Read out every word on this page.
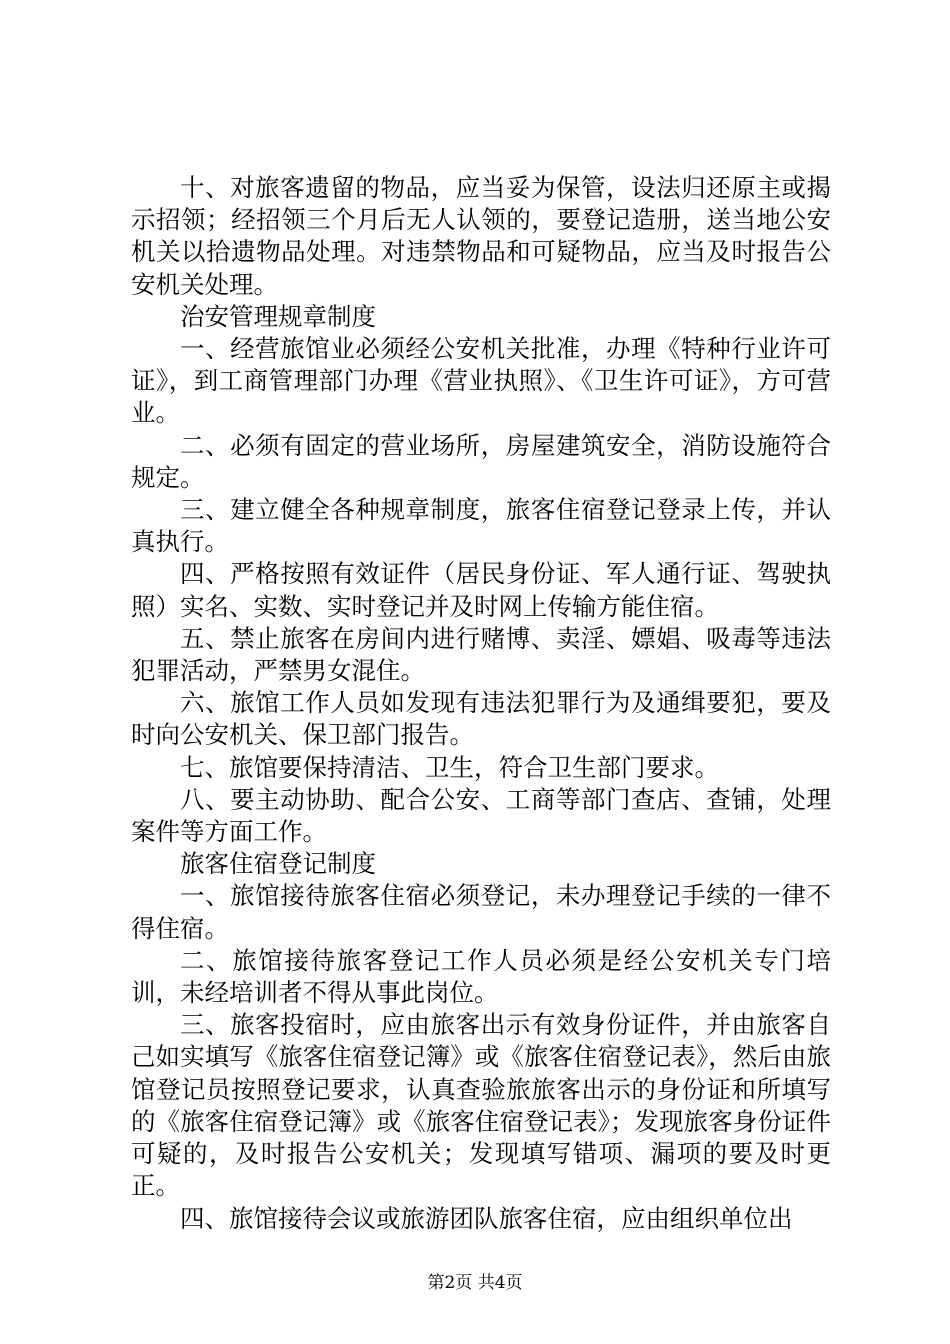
十、对旅客遗留的物品，应当妥为保管，设法归还原主或揭示招领；经招领三个月后无人认领的，要登记造册，送当地公安机关以拾遗物品处理。对违禁物品和可疑物品，应当及时报告公安机关处理。

治安管理规章制度

一、经营旅馆业必须经公安机关批准，办理《特种行业许可证》，到工商管理部门办理《营业执照》、《卫生许可证》，方可营业。

二、必须有固定的营业场所，房屋建筑安全，消防设施符合规定。

三、建立健全各种规章制度，旅客住宿登记登录上传，并认真执行。

四、严格按照有效证件（居民身份证、军人通行证、驾驶执照）实名、实数、实时登记并及时网上传输方能住宿。

五、禁止旅客在房间内进行赌博、卖淫、嫖娼、吸毒等违法犯罪活动，严禁男女混住。

六、旅馆工作人员如发现有违法犯罪行为及通缉要犯，要及时向公安机关、保卫部门报告。

七、旅馆要保持清洁、卫生，符合卫生部门要求。

八、要主动协助、配合公安、工商等部门查店、查铺，处理案件等方面工作。

旅客住宿登记制度

一、旅馆接待旅客住宿必须登记，未办理登记手续的一律不得住宿。

二、旅馆接待旅客登记工作人员必须是经公安机关专门培训，未经培训者不得从事此岗位。

三、旅客投宿时，应由旅客出示有效身份证件，并由旅客自己如实填写《旅客住宿登记簿》或《旅客住宿登记表》，然后由旅馆登记员按照登记要求，认真查验旅旅客出示的身份证和所填写的《旅客住宿登记簿》或《旅客住宿登记表》；发现旅客身份证件可疑的，及时报告公安机关；发现填写错项、漏项的要及时更正。

四、旅馆接待会议或旅游团队旅客住宿，应由组织单位出

第2页 共4页
